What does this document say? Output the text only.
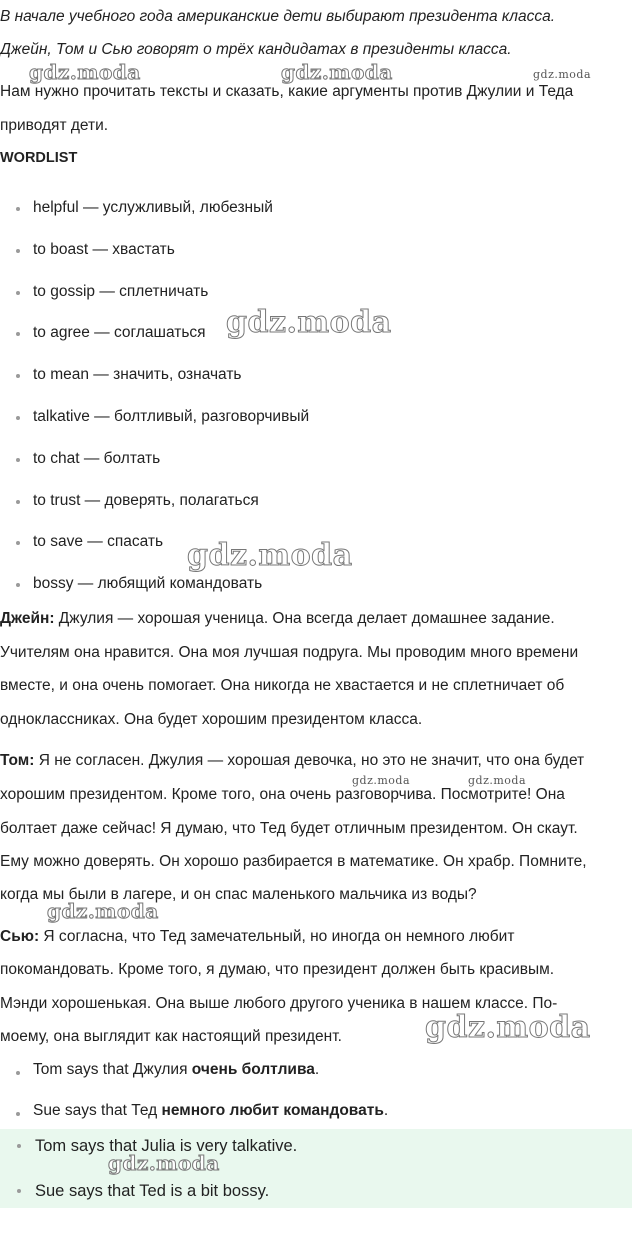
В начале учебного года американские дети выбирают президента класса.
Джейн, Том и Сью говорят о трёх кандидатах в президенты класса.
Нам нужно прочитать тексты и сказать, какие аргументы против Джулии и Теда
приводят дети.
WORDLIST
helpful — услужливый, любезный
to boast — хвастать
to gossip — сплетничать
to agree — соглашаться
to mean — значить, означать
talkative — болтливый, разговорчивый
to chat — болтать
to trust — доверять, полагаться
to save — спасать
bossy — любящий командовать
Джейн: Джулия — хорошая ученица. Она всегда делает домашнее задание.
Учителям она нравится. Она моя лучшая подруга. Мы проводим много времени
вместе, и она очень помогает. Она никогда не хвастается и не сплетничает об
одноклассниках. Она будет хорошим президентом класса.
Том: Я не согласен. Джулия — хорошая девочка, но это не значит, что она будет
хорошим президентом. Кроме того, она очень разговорчива. Посмотрите! Она
болтает даже сейчас! Я думаю, что Тед будет отличным президентом. Он скаут.
Ему можно доверять. Он хорошо разбирается в математике. Он храбр. Помните,
когда мы были в лагере, и он спас маленького мальчика из воды?
Сью: Я согласна, что Тед замечательный, но иногда он немного любит
покомандовать. Кроме того, я думаю, что президент должен быть красивым.
Мэнди хорошенькая. Она выше любого другого ученика в нашем классе. По-
моему, она выглядит как настоящий президент.
Tom says that Джулия очень болтлива.
Sue says that Тед немного любит командовать.
Tom says that Julia is very talkative.
Sue says that Ted is a bit bossy.
gdz.moda	gdz.moda	gdz.moda
gdz.moda
gdz.moda
gdz.moda	gdz.moda
gdz.moda
gdz.moda
gdz.moda
